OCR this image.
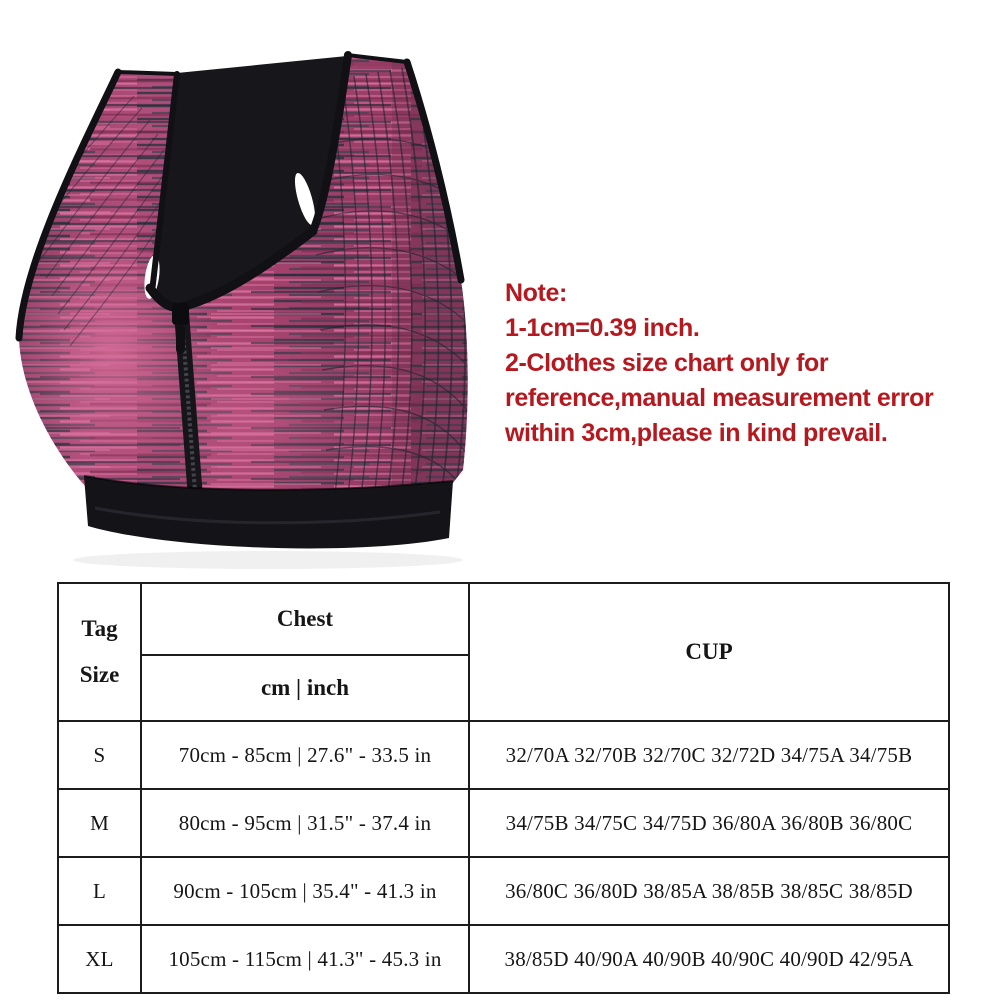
Note:
1-1cm=0.39 inch.
2-Clothes size chart only for
reference,manual measurement error
within 3cm,please in kind prevail.
Tag
Size	Chest	CUP
	cm | inch	
S	70cm - 85cm | 27.6" - 33.5 in	32/70A 32/70B 32/70C 32/72D 34/75A 34/75B
M	80cm - 95cm | 31.5" - 37.4 in	34/75B 34/75C 34/75D 36/80A 36/80B 36/80C
L	90cm - 105cm | 35.4" - 41.3 in	36/80C 36/80D 38/85A 38/85B 38/85C 38/85D
XL	105cm - 115cm | 41.3" - 45.3 in	38/85D 40/90A 40/90B 40/90C 40/90D 42/95A
